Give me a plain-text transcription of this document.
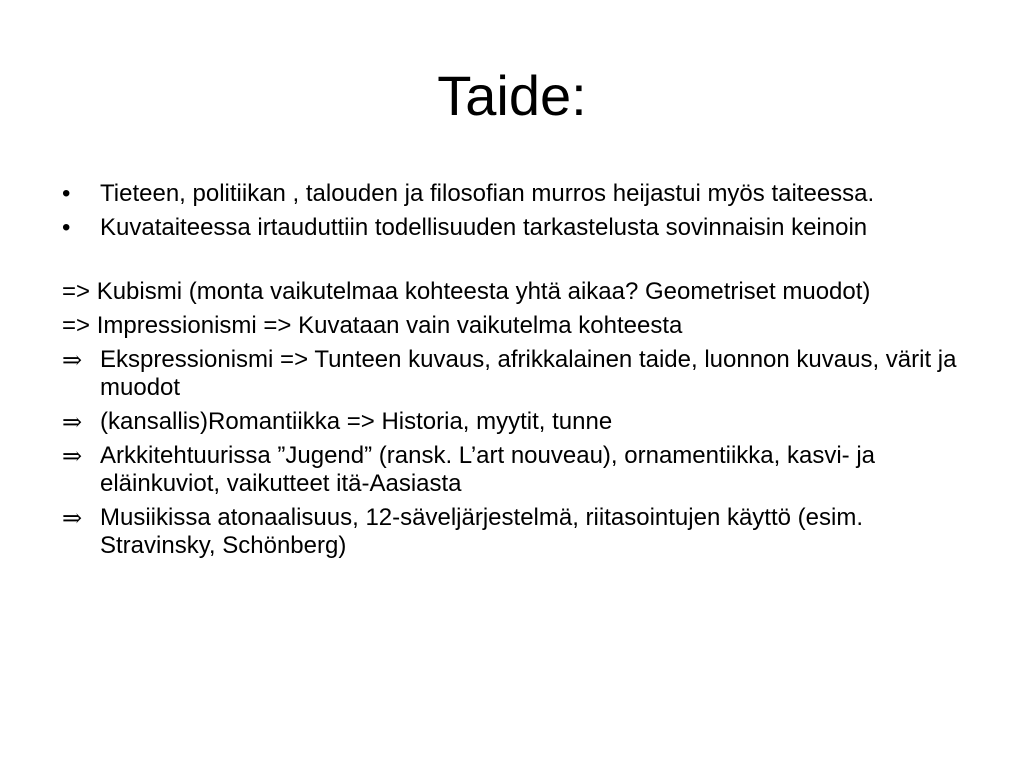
Taide:
•	Tieteen, politiikan , talouden ja filosofian murros heijastui myös taiteessa.
•	Kuvataiteessa irtauduttiin todellisuuden tarkastelusta sovinnaisin keinoin
=> Kubismi (monta vaikutelmaa kohteesta yhtä aikaa? Geometriset muodot)
=> Impressionismi => Kuvataan vain vaikutelma kohteesta
⇒ Ekspressionismi => Tunteen kuvaus, afrikkalainen taide, luonnon kuvaus, värit ja muodot
⇒ (kansallis)Romantiikka => Historia, myytit, tunne
⇒ Arkkitehtuurissa ”Jugend” (ransk. L’art nouveau), ornamentiikka, kasvi- ja eläinkuviot, vaikutteet itä-Aasiasta
⇒ Musiikissa atonaalisuus, 12-säveljärjestelmä, riitasointujen käyttö (esim. Stravinsky, Schönberg)
